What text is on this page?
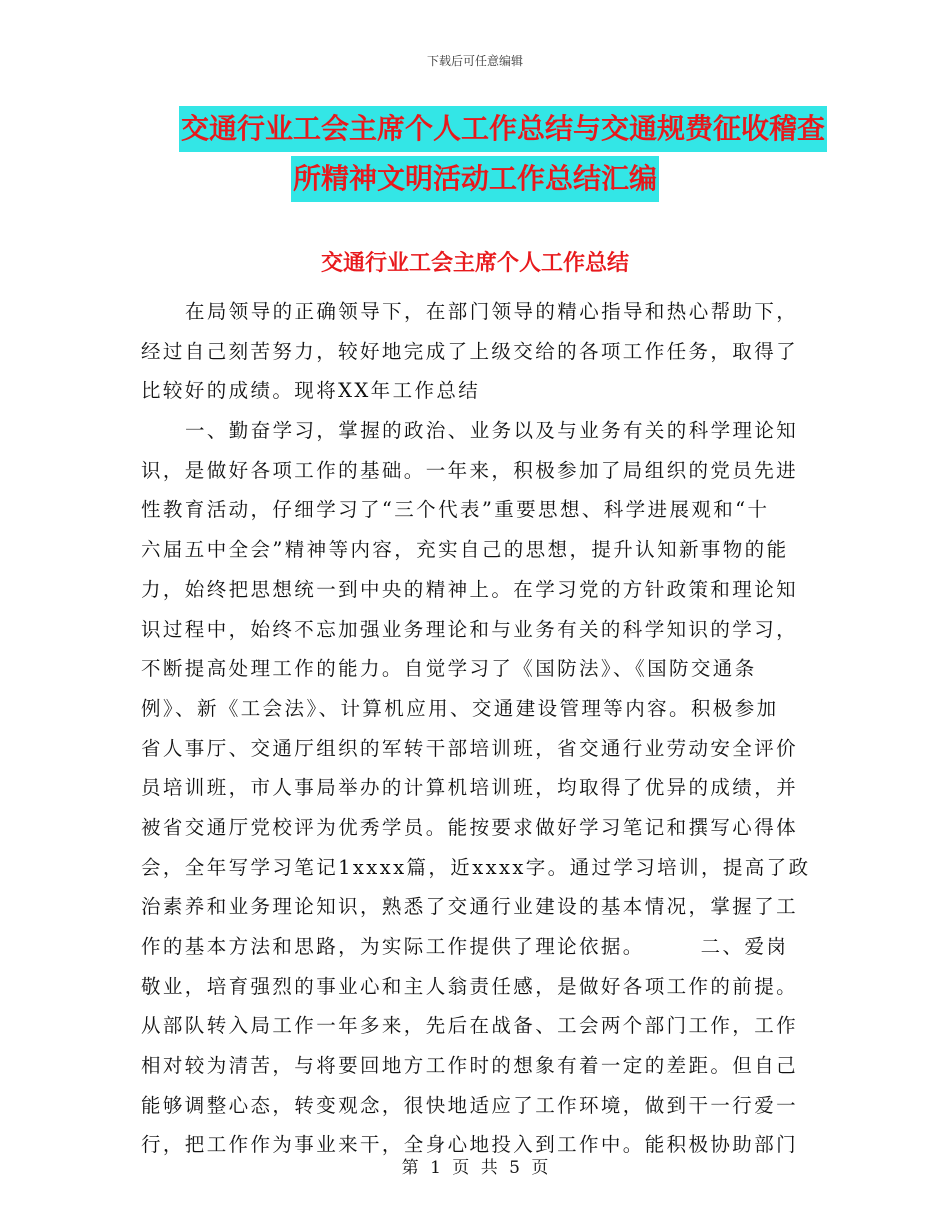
下载后可任意编辑
交通行业工会主席个人工作总结与交通规费征收稽查
所精神文明活动工作总结汇编
交通行业工会主席个人工作总结
在局领导的正确领导下，在部门领导的精心指导和热心帮助下，
经过自己刻苦努力，较好地完成了上级交给的各项工作任务，取得了
比较好的成绩。现将XX年工作总结
一、勤奋学习，掌握的政治、业务以及与业务有关的科学理论知
识，是做好各项工作的基础。一年来，积极参加了局组织的党员先进
性教育活动，仔细学习了“三个代表”重要思想、科学进展观和“十
六届五中全会”精神等内容，充实自己的思想，提升认知新事物的能
力，始终把思想统一到中央的精神上。在学习党的方针政策和理论知
识过程中，始终不忘加强业务理论和与业务有关的科学知识的学习，
不断提高处理工作的能力。自觉学习了《国防法》、《国防交通条
例》、新《工会法》、计算机应用、交通建设管理等内容。积极参加
省人事厅、交通厅组织的军转干部培训班，省交通行业劳动安全评价
员培训班，市人事局举办的计算机培训班，均取得了优异的成绩，并
被省交通厅党校评为优秀学员。能按要求做好学习笔记和撰写心得体
会，全年写学习笔记1xxxx篇，近xxxx字。通过学习培训，提高了政
治素养和业务理论知识，熟悉了交通行业建设的基本情况，掌握了工
作的基本方法和思路，为实际工作提供了理论依据。　　　二、爱岗
敬业，培育强烈的事业心和主人翁责任感，是做好各项工作的前提。
从部队转入局工作一年多来，先后在战备、工会两个部门工作，工作
相对较为清苦，与将要回地方工作时的想象有着一定的差距。但自己
能够调整心态，转变观念，很快地适应了工作环境，做到干一行爱一
行，把工作作为事业来干，全身心地投入到工作中。能积极协助部门
第 1 页 共 5 页
